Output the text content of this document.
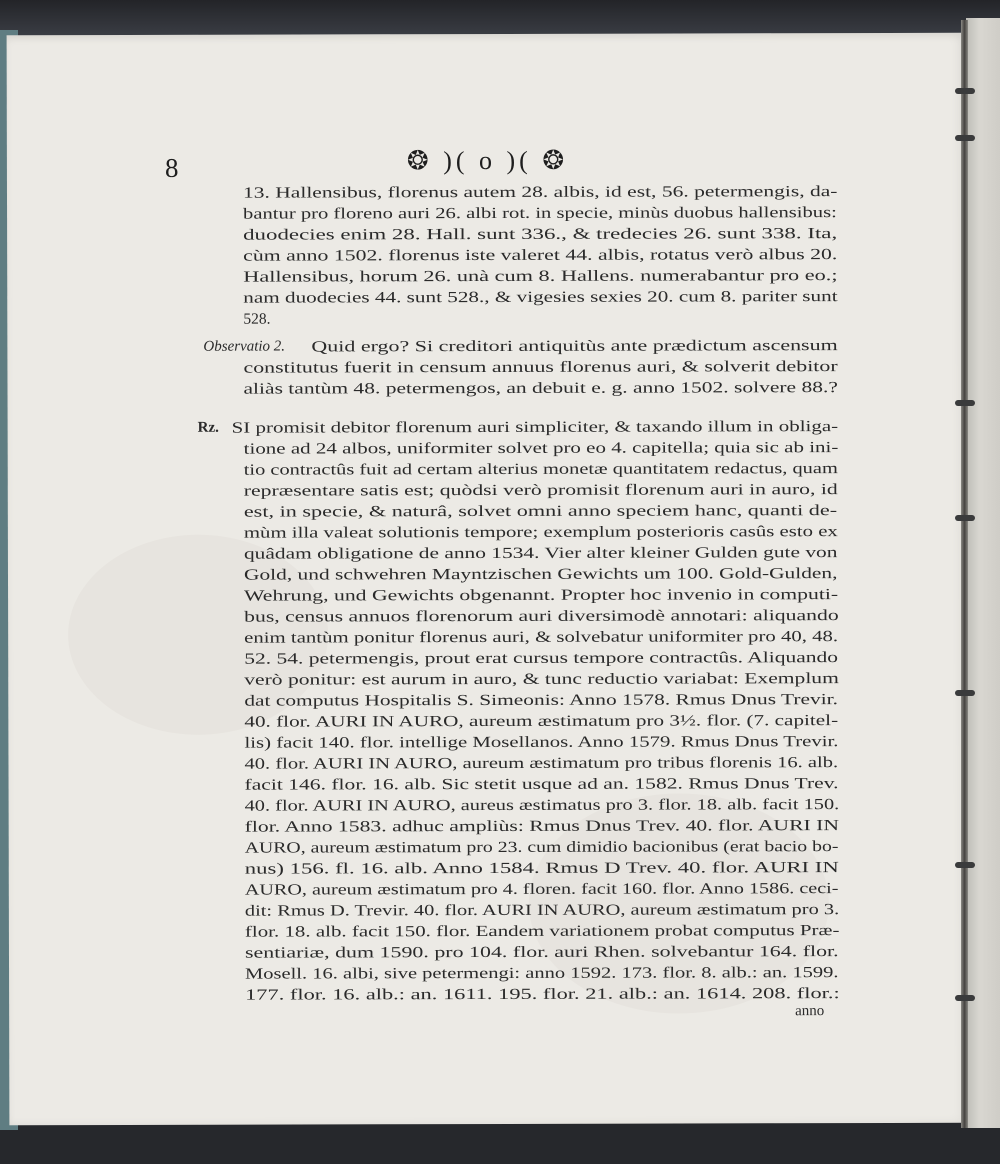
8	❂ )( o )( ❂

13. Hallensibus, florenus autem 28. albis, id est, 56. petermengis, da-

bantur pro floreno auri 26. albi rot. in specie, minùs duobus hallensibus:

duodecies enim 28. Hall. sunt 336., & tredecies 26. sunt 338. Ita,

cùm anno 1502. florenus iste valeret 44. albis, rotatus verò albus 20.

Hallensibus, horum 26. unà cum 8. Hallens. numerabantur pro eo.;

nam duodecies 44. sunt 528., & vigesies sexies 20. cum 8. pariter sunt

528.

Observatio 2. Quid ergo? Si creditori antiquitùs ante prædictum ascensum

constitutus fuerit in censum annuus florenus auri, & solverit debitor

aliàs tantùm 48. petermengos, an debuit e. g. anno 1502. solvere 88.?

Rz. SI promisit debitor florenum auri simpliciter, & taxando illum in obliga-

tione ad 24 albos, uniformiter solvet pro eo 4. capitella; quia sic ab ini-

tio contractûs fuit ad certam alterius monetæ quantitatem redactus, quam

repræsentare satis est; quòdsi verò promisit florenum auri in auro, id

est, in specie, & naturâ, solvet omni anno speciem hanc, quanti de-

mùm illa valeat solutionis tempore; exemplum posterioris casûs esto ex

quâdam obligatione de anno 1534. Vier alter kleiner Gulden gute von

Gold, und schwehren Mayntzischen Gewichts um 100. Gold-Gulden,

Wehrung, und Gewichts obgenannt. Propter hoc invenio in computi-

bus, census annuos florenorum auri diversimodè annotari: aliquando

enim tantùm ponitur florenus auri, & solvebatur uniformiter pro 40, 48.

52. 54. petermengis, prout erat cursus tempore contractûs. Aliquando

verò ponitur: est aurum in auro, & tunc reductio variabat: Exemplum

dat computus Hospitalis S. Simeonis: Anno 1578. Rmus Dnus Trevir.

40. flor. AURI IN AURO, aureum æstimatum pro 3½. flor. (7. capitel-

lis) facit 140. flor. intellige Mosellanos. Anno 1579. Rmus Dnus Trevir.

40. flor. AURI IN AURO, aureum æstimatum pro tribus florenis 16. alb.

facit 146. flor. 16. alb. Sic stetit usque ad an. 1582. Rmus Dnus Trev.

40. flor. AURI IN AURO, aureus æstimatus pro 3. flor. 18. alb. facit 150.

flor. Anno 1583. adhuc ampliùs: Rmus Dnus Trev. 40. flor. AURI IN

AURO, aureum æstimatum pro 23. cum dimidio bacionibus (erat bacio bo-

nus) 156. fl. 16. alb. Anno 1584. Rmus D Trev. 40. flor. AURI IN

AURO, aureum æstimatum pro 4. floren. facit 160. flor. Anno 1586. ceci-

dit: Rmus D. Trevir. 40. flor. AURI IN AURO, aureum æstimatum pro 3.

flor. 18. alb. facit 150. flor. Eandem variationem probat computus Præ-

sentiariæ, dum 1590. pro 104. flor. auri Rhen. solvebantur 164. flor.

Mosell. 16. albi, sive petermengi: anno 1592. 173. flor. 8. alb.: an. 1599.

177. flor. 16. alb.: an. 1611. 195. flor. 21. alb.: an. 1614. 208. flor.:

anno
